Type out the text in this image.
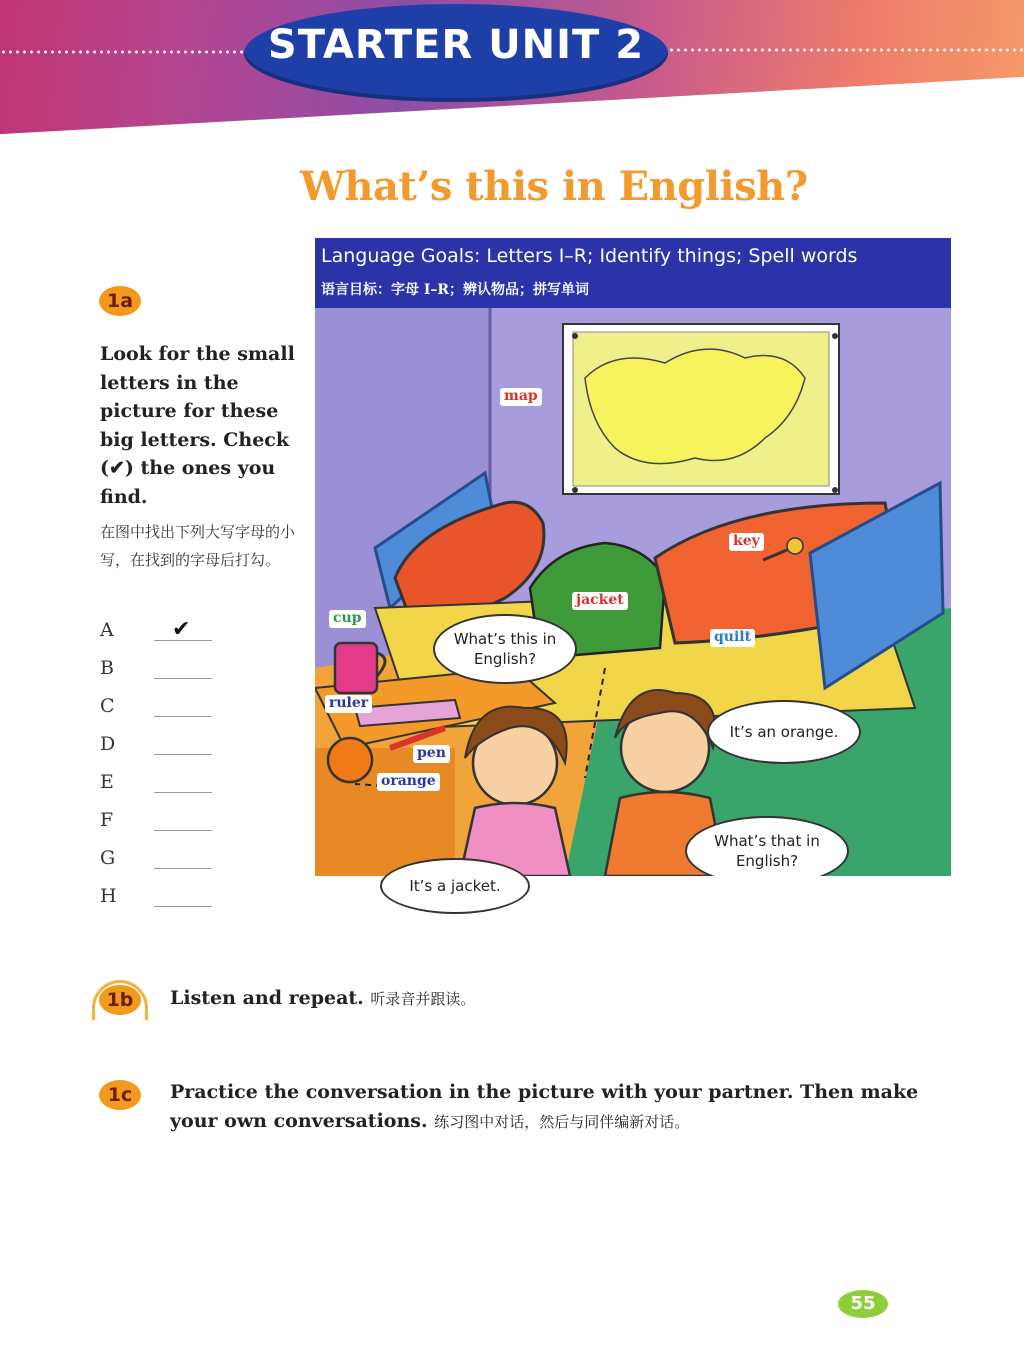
STARTER UNIT 2
What’s this in English?
1a
Look for the small letters in the picture for these big letters. Check (✔) the ones you find.
在图中找出下列大写字母的小写，在找到的字母后打勾。
A	✔
B
C
D
E
F
G
H
Language Goals: Letters I–R; Identify things; Spell words
语言目标：字母 I–R；辨认物品；拼写单词
map
key
jacket
quilt
cup
ruler
pen
orange
What’s this in English?
It’s an orange.
What’s that in English?
It’s a jacket.
1b	Listen and repeat. 听录音并跟读。
1c	Practice the conversation in the picture with your partner. Then make
your own conversations. 练习图中对话，然后与同伴编新对话。
55
